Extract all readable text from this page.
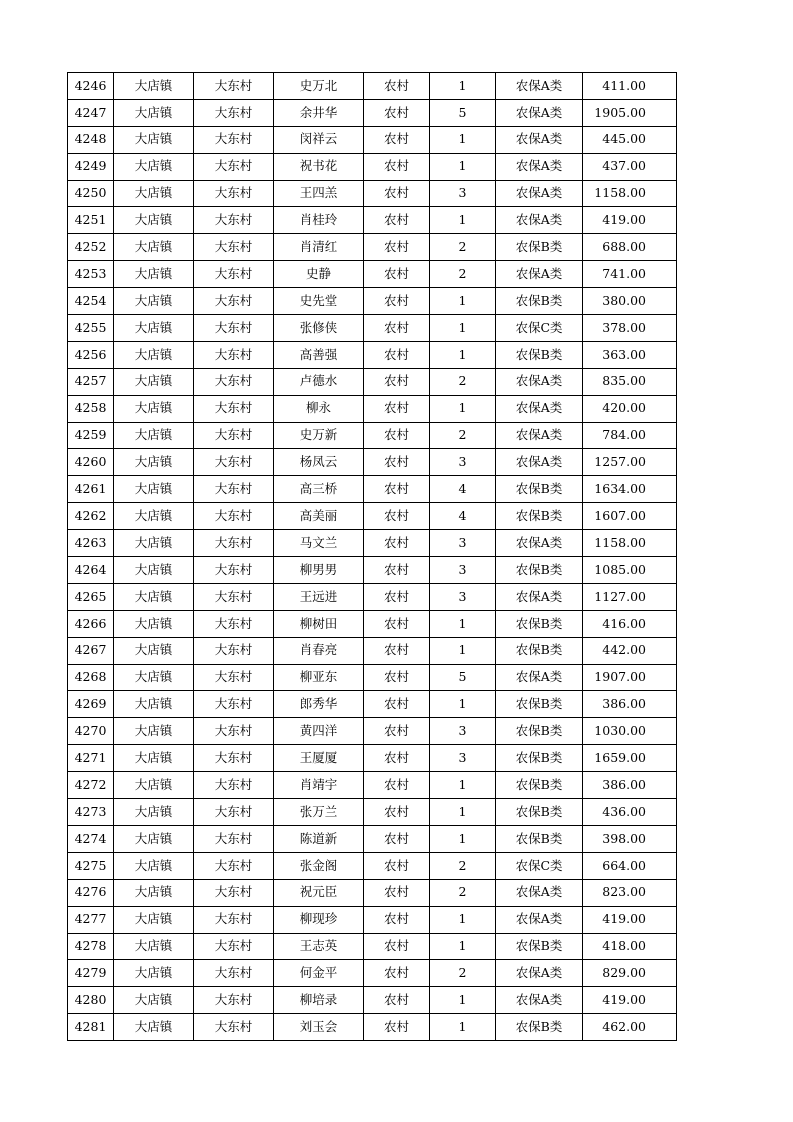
4246	大店镇	大东村	史万北	农村	1	农保A类	411.00
4247	大店镇	大东村	余井华	农村	5	农保A类	1905.00
4248	大店镇	大东村	闵祥云	农村	1	农保A类	445.00
4249	大店镇	大东村	祝书花	农村	1	农保A类	437.00
4250	大店镇	大东村	王四羔	农村	3	农保A类	1158.00
4251	大店镇	大东村	肖桂玲	农村	1	农保A类	419.00
4252	大店镇	大东村	肖清红	农村	2	农保B类	688.00
4253	大店镇	大东村	史静	农村	2	农保A类	741.00
4254	大店镇	大东村	史先堂	农村	1	农保B类	380.00
4255	大店镇	大东村	张修侠	农村	1	农保C类	378.00
4256	大店镇	大东村	高善强	农村	1	农保B类	363.00
4257	大店镇	大东村	卢德水	农村	2	农保A类	835.00
4258	大店镇	大东村	柳永	农村	1	农保A类	420.00
4259	大店镇	大东村	史万新	农村	2	农保A类	784.00
4260	大店镇	大东村	杨凤云	农村	3	农保A类	1257.00
4261	大店镇	大东村	高三桥	农村	4	农保B类	1634.00
4262	大店镇	大东村	高美丽	农村	4	农保B类	1607.00
4263	大店镇	大东村	马文兰	农村	3	农保A类	1158.00
4264	大店镇	大东村	柳男男	农村	3	农保B类	1085.00
4265	大店镇	大东村	王远进	农村	3	农保A类	1127.00
4266	大店镇	大东村	柳树田	农村	1	农保B类	416.00
4267	大店镇	大东村	肖春亮	农村	1	农保B类	442.00
4268	大店镇	大东村	柳亚东	农村	5	农保A类	1907.00
4269	大店镇	大东村	郎秀华	农村	1	农保B类	386.00
4270	大店镇	大东村	黄四洋	农村	3	农保B类	1030.00
4271	大店镇	大东村	王厦厦	农村	3	农保B类	1659.00
4272	大店镇	大东村	肖靖宇	农村	1	农保B类	386.00
4273	大店镇	大东村	张万兰	农村	1	农保B类	436.00
4274	大店镇	大东村	陈道新	农村	1	农保B类	398.00
4275	大店镇	大东村	张金阁	农村	2	农保C类	664.00
4276	大店镇	大东村	祝元臣	农村	2	农保A类	823.00
4277	大店镇	大东村	柳现珍	农村	1	农保A类	419.00
4278	大店镇	大东村	王志英	农村	1	农保B类	418.00
4279	大店镇	大东村	何金平	农村	2	农保A类	829.00
4280	大店镇	大东村	柳培录	农村	1	农保A类	419.00
4281	大店镇	大东村	刘玉会	农村	1	农保B类	462.00
